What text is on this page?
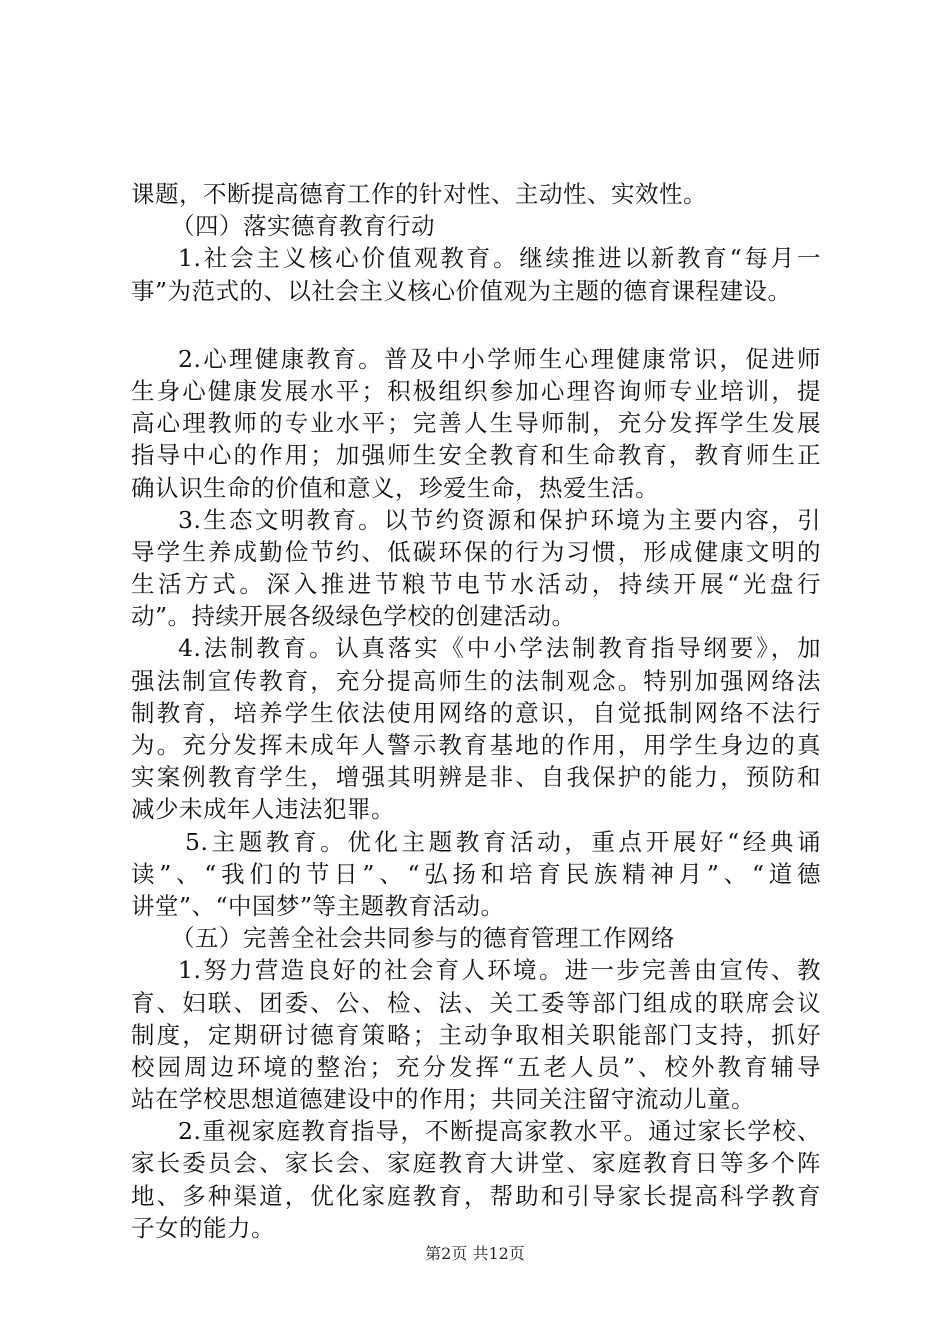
课题，不断提高德育工作的针对性、主动性、实效性。
（四）落实德育教育行动
1.社会主义核心价值观教育。继续推进以新教育“每月一
事”为范式的、以社会主义核心价值观为主题的德育课程建设。
2.心理健康教育。普及中小学师生心理健康常识，促进师
生身心健康发展水平；积极组织参加心理咨询师专业培训，提
高心理教师的专业水平；完善人生导师制，充分发挥学生发展
指导中心的作用；加强师生安全教育和生命教育，教育师生正
确认识生命的价值和意义，珍爱生命，热爱生活。
3.生态文明教育。以节约资源和保护环境为主要内容，引
导学生养成勤俭节约、低碳环保的行为习惯，形成健康文明的
生活方式。深入推进节粮节电节水活动，持续开展“光盘行
动”。持续开展各级绿色学校的创建活动。
4.法制教育。认真落实《中小学法制教育指导纲要》，加
强法制宣传教育，充分提高师生的法制观念。特别加强网络法
制教育，培养学生依法使用网络的意识，自觉抵制网络不法行
为。充分发挥未成年人警示教育基地的作用，用学生身边的真
实案例教育学生，增强其明辨是非、自我保护的能力，预防和
减少未成年人违法犯罪。
5.主题教育。优化主题教育活动，重点开展好“经典诵
读”、“我们的节日”、“弘扬和培育民族精神月”、“道德
讲堂”、“中国梦”等主题教育活动。
（五）完善全社会共同参与的德育管理工作网络
1.努力营造良好的社会育人环境。进一步完善由宣传、教
育、妇联、团委、公、检、法、关工委等部门组成的联席会议
制度，定期研讨德育策略；主动争取相关职能部门支持，抓好
校园周边环境的整治；充分发挥“五老人员”、校外教育辅导
站在学校思想道德建设中的作用；共同关注留守流动儿童。
2.重视家庭教育指导，不断提高家教水平。通过家长学校、
家长委员会、家长会、家庭教育大讲堂、家庭教育日等多个阵
地、多种渠道，优化家庭教育，帮助和引导家长提高科学教育
子女的能力。
第2页 共12页
